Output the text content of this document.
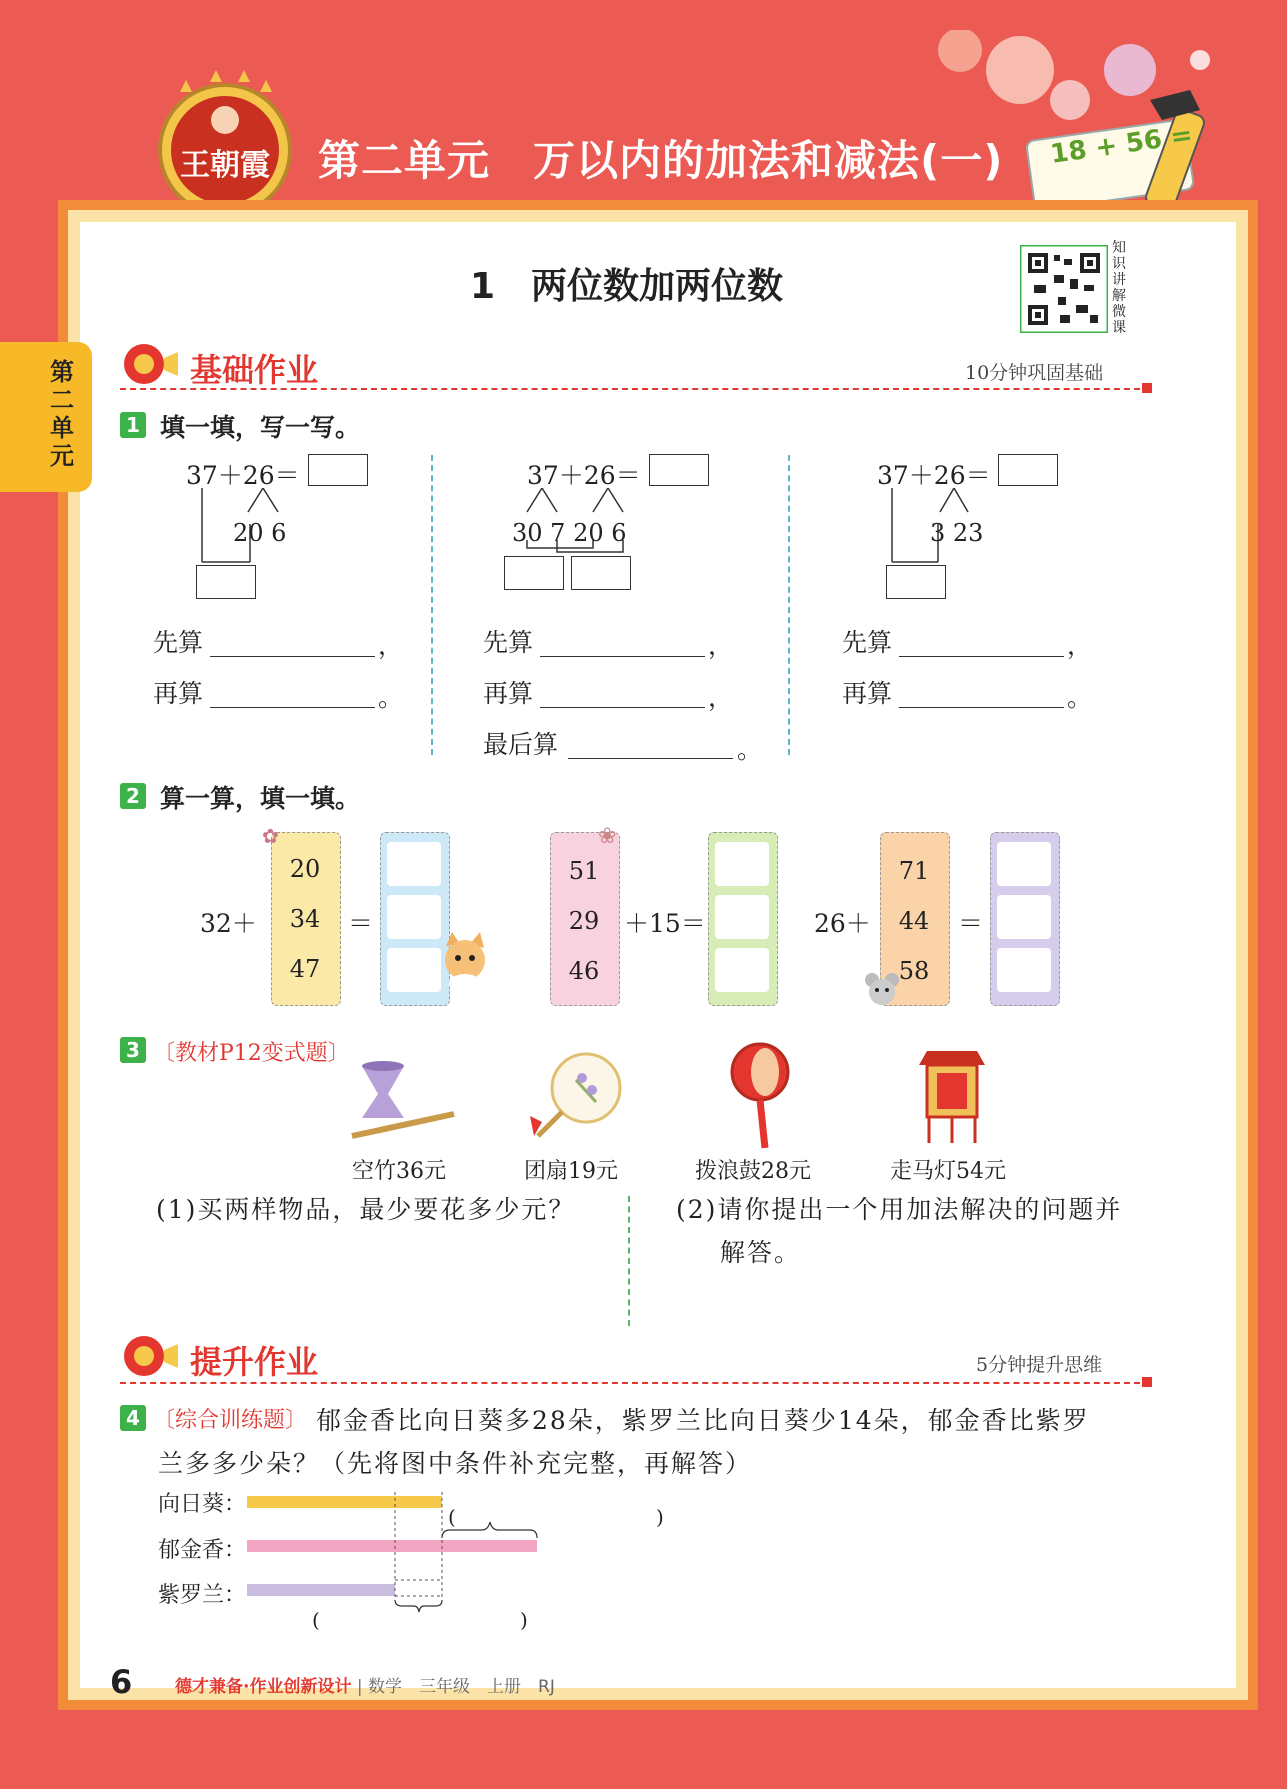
王朝霞 第二单元　万以内的加法和减法(一) 18 + 56 =
第二单元
1　两位数加两位数
知识讲解微课
基础作业	10分钟巩固基础
1 填一填，写一写。
37＋26＝
20 6
先算	，
再算	。
37＋26＝
30 7 20 6
先算	，
再算	，
最后算	。
37＋26＝
3 23
先算	，
再算	。
2 算一算，填一填。
32＋
20
34
47
✿
＝
51
29
46
❀
＋15＝	26＋
71
44
58
＝
3 〔教材P12变式题〕
空竹36元	团扇19元	拨浪鼓28元	走马灯54元
(1)买两样物品，最少要花多少元？	(2)请你提出一个用加法解决的问题并
解答。
提升作业	5分钟提升思维
4 〔综合训练题〕 郁金香比向日葵多28朵，紫罗兰比向日葵少14朵，郁金香比紫罗
兰多多少朵？（先将图中条件补充完整，再解答）
向日葵：
郁金香：
紫罗兰：
(	)
(	)
6	德才兼备·作业创新设计 | 数学　三年级　上册　RJ
